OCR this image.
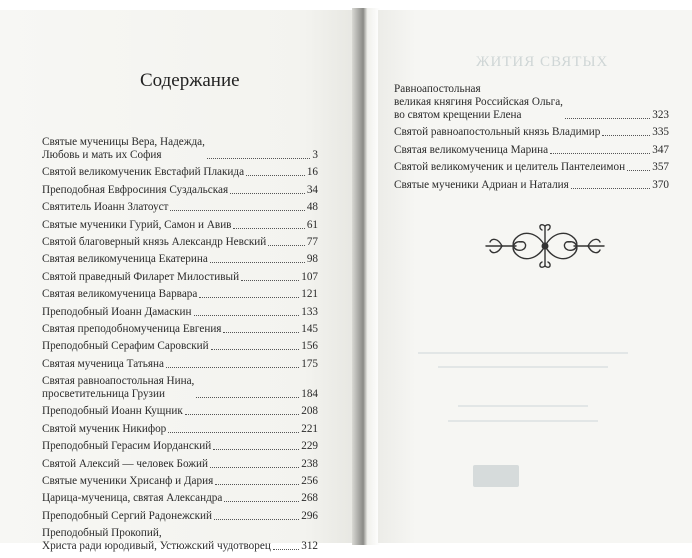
Содержание
Святые мученицы Вера, Надежда,
Любовь и мать их София	3
Святой великомученик Евстафий Плакида	16
Преподобная Евфросиния Суздальская	34
Святитель Иоанн Златоуст	48
Святые мученики Гурий, Самон и Авив	61
Святой благоверный князь Александр Невский	77
Святая великомученица Екатерина	98
Святой праведный Филарет Милостивый	107
Святая великомученица Варвара	121
Преподобный Иоанн Дамаскин	133
Святая преподобномученица Евгения	145
Преподобный Серафим Саровский	156
Святая мученица Татьяна	175
Святая равноапостольная Нина,
просветительница Грузии	184
Преподобный Иоанн Кущник	208
Святой мученик Никифор	221
Преподобный Герасим Иорданский	229
Святой Алексий — человек Божий	238
Святые мученики Хрисанф и Дария	256
Царица-мученица, святая Александра	268
Преподобный Сергий Радонежский	296
Преподобный Прокопий,
Христа ради юродивый, Устюжский чудотворец	312
ЖИТИЯ СВЯТЫХ
Равноапостольная
великая княгиня Российская Ольга,
во святом крещении Елена	323
Святой равноапостольный князь Владимир	335
Святая великомученица Марина	347
Святой великомученик и целитель Пантелеимон 357
Святые мученики Адриан и Наталия	370
